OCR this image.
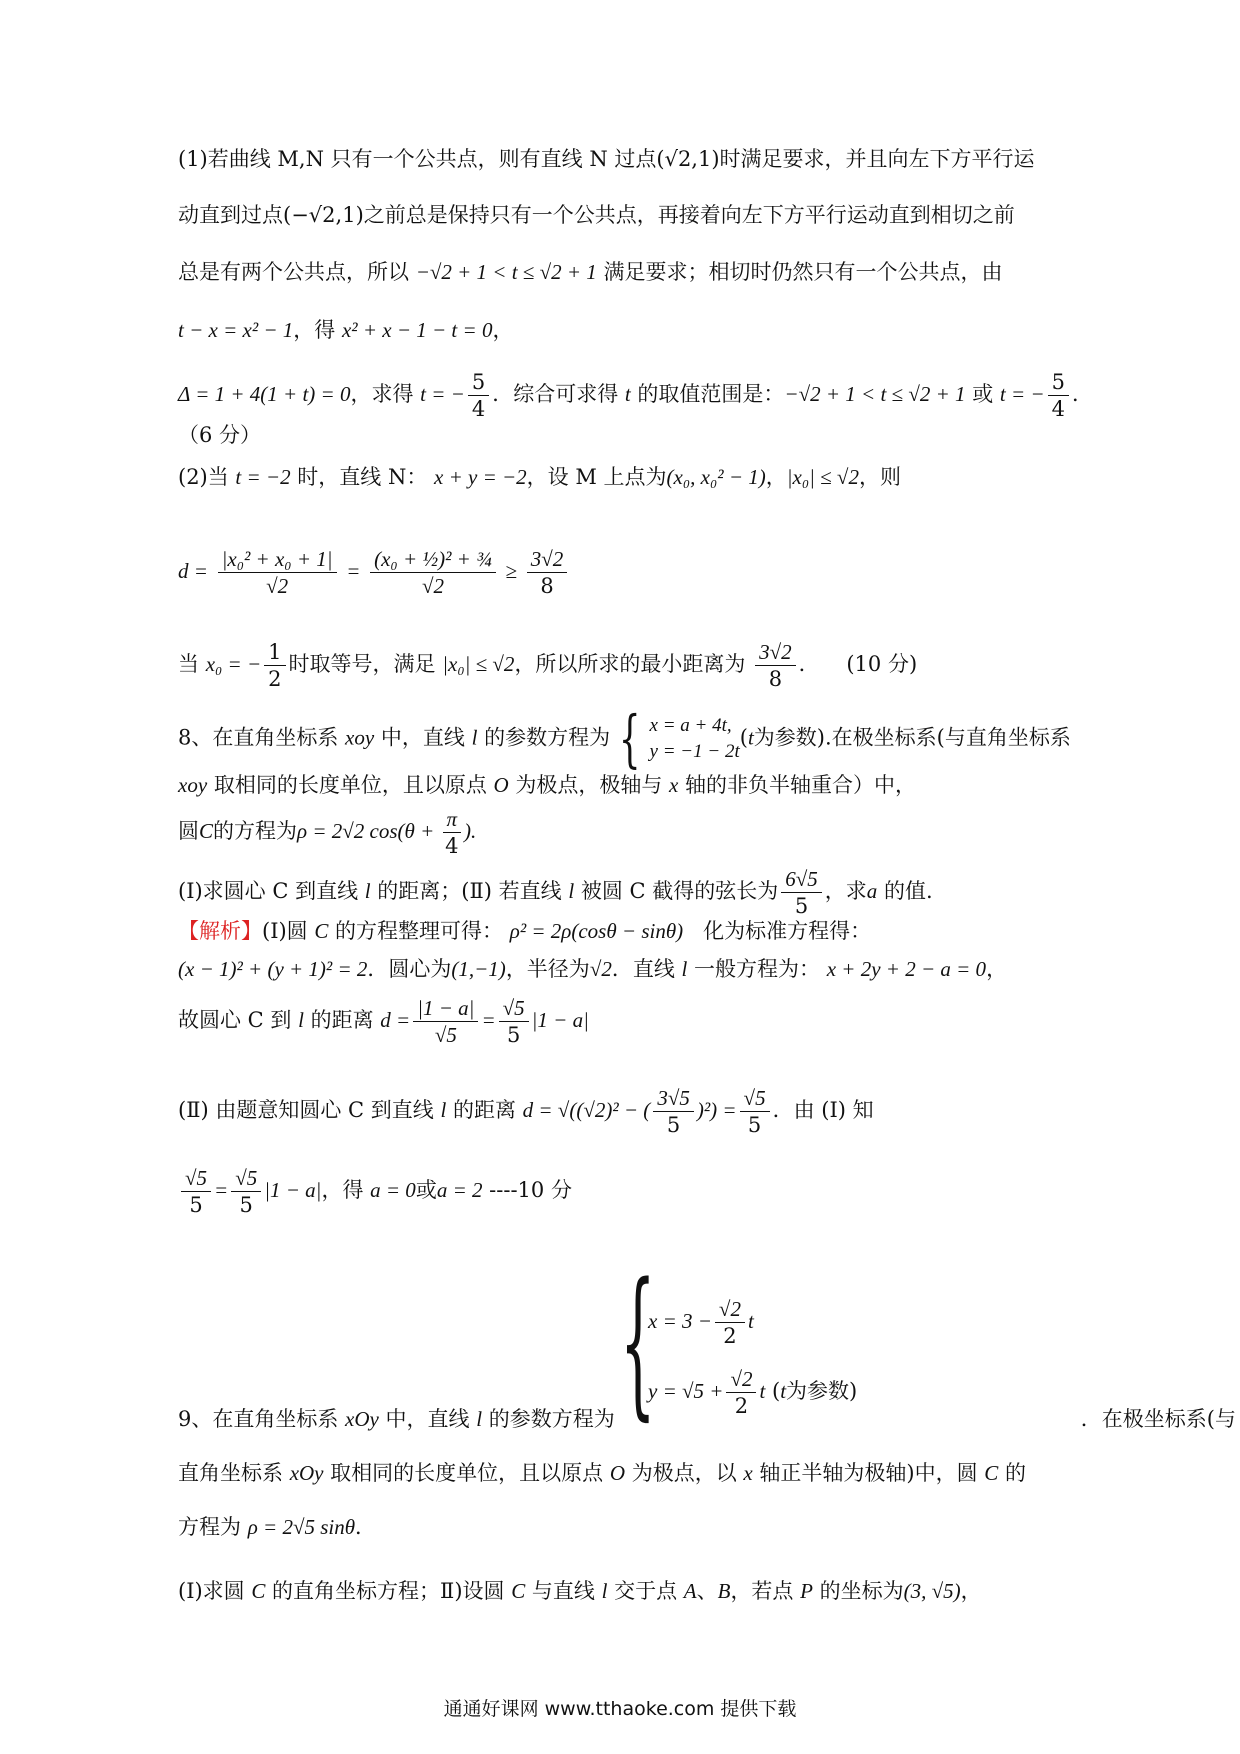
(1)若曲线 M,N 只有一个公共点，则有直线 N 过点(√2,1)时满足要求，并且向左下方平行运
动直到过点(−√2,1)之前总是保持只有一个公共点，再接着向左下方平行运动直到相切之前
总是有两个公共点，所以 −√2 + 1 < t ≤ √2 + 1 满足要求；相切时仍然只有一个公共点，由
t − x = x² − 1，得 x² + x − 1 − t = 0，
Δ = 1 + 4(1 + t) = 0，求得 t = − $\frac{5}{4}$ ．综合可求得 t 的取值范围是：−√2 + 1 < t ≤ √2 + 1 或 t = − $\frac{5}{4}$ ．
（6 分）
(2)当 t = −2 时，直线 N： x + y = −2，设 M 上点为(x₀, x₀² − 1)，|x₀| ≤ √2，则
$d = \frac{\text{|x₀² + x₀ + 1|}}{√2} = \frac{\text{(x₀ + ½)² + ¾}}{√2} \ge \frac{3√2}{8}$
当 x₀ = − $\frac{1}{2}$ 时取等号，满足 |x₀| ≤ √2，所以所求的最小距离为 $\frac{3√2}{8}$ ．    (10 分)
8、在直角坐标系 xoy 中，直线 l 的参数方程为 { x = a + 4t,
y = −1 − 2t
(t为参数).在极坐标系(与直角坐标系
xoy 取相同的长度单位，且以原点 O 为极点，极轴与 x 轴的非负半轴重合）中，
圆C的方程为ρ = 2√2 $\cos(\theta + \frac{\pi}{4}$ ).
(Ⅰ)求圆心 C 到直线 l 的距离；(Ⅱ) 若直线 l 被圆 C 截得的弦长为 $\frac{6√5}{5}$ ，求a 的值.
【解析】(Ⅰ)圆 C 的方程整理可得： ρ² = 2ρ(cosθ − sinθ)   化为标准方程得：
(x − 1)² + (y + 1)² = 2．圆心为(1,−1)，半径为√2．直线 l 一般方程为： x + 2y + 2 − a = 0，
故圆心 C 到 l 的距离 $d = \frac{|1 - a|}{√5} = \frac{√5}{5} |1 - a|$
(Ⅱ) 由题意知圆心 C 到直线 l 的距离 d = √((√2)² − ( $\frac{3√5}{5} )^2) = \frac{√5}{5}$ ．由 (Ⅰ) 知
$\frac{√5}{5} = \frac{√5}{5} |1 - a|$，得 a = 0或a = 2 ----10 分
{
$x = 3 - \frac{√2}{2}$ t
$y = √5 + \frac{√2}{2}$ t (t为参数)
9、在直角坐标系 xOy 中，直线 l 的参数方程为	．在极坐标系(与
直角坐标系 xOy 取相同的长度单位，且以原点 O 为极点，以 x 轴正半轴为极轴)中，圆 C 的
方程为 ρ = 2√5 sinθ．
(Ⅰ)求圆 C 的直角坐标方程；Ⅱ)设圆 C 与直线 l 交于点 A、B，若点 P 的坐标为(3, √5)，
通通好课网 www.tthaoke.com 提供下载
